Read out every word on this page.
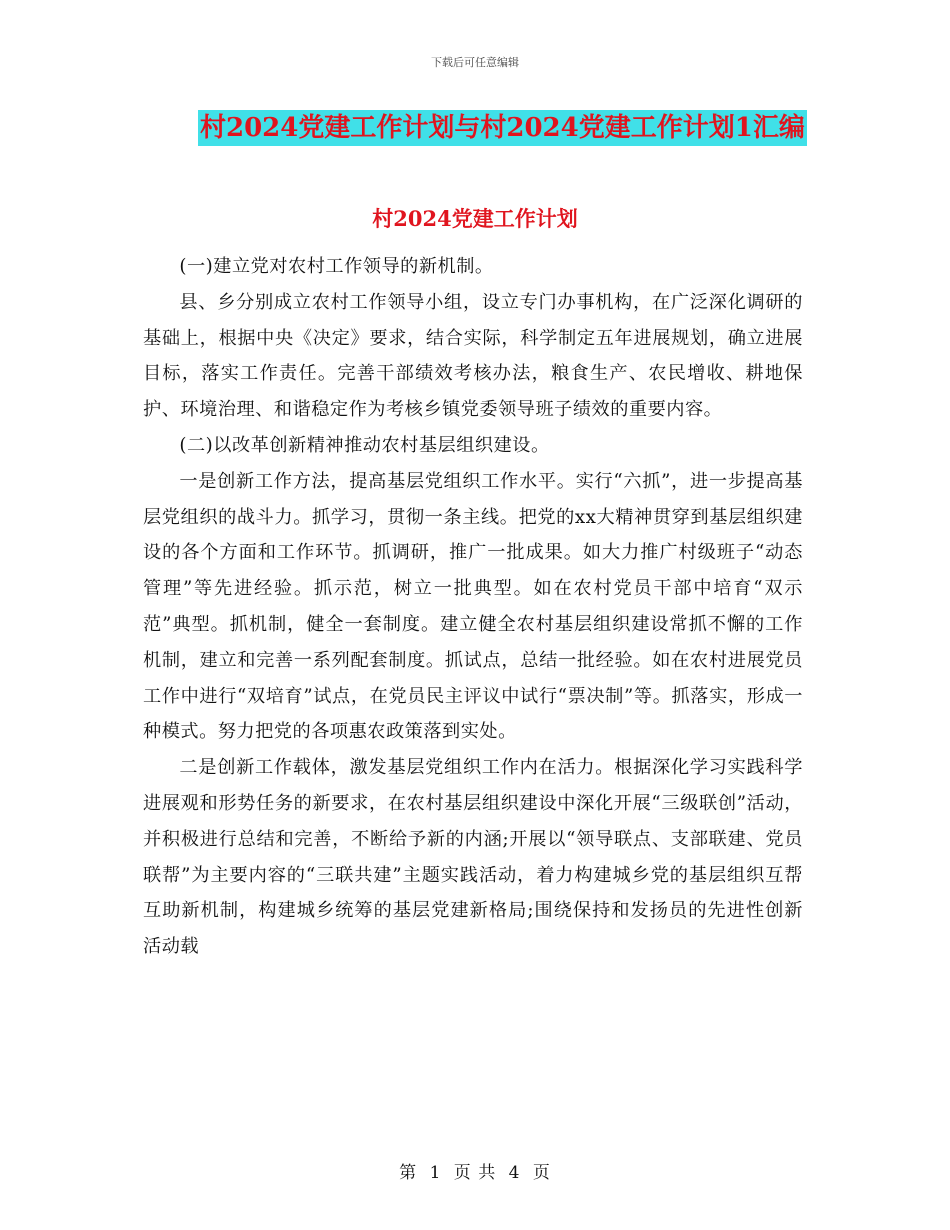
下载后可任意编辑
村2024党建工作计划与村2024党建工作计划1汇编
村2024党建工作计划

(一)建立党对农村工作领导的新机制。

县、乡分别成立农村工作领导小组，设立专门办事机构，在广泛深化调研的基础上，根据中央《决定》要求，结合实际，科学制定五年进展规划，确立进展目标，落实工作责任。完善干部绩效考核办法，粮食生产、农民增收、耕地保护、环境治理、和谐稳定作为考核乡镇党委领导班子绩效的重要内容。

(二)以改革创新精神推动农村基层组织建设。

一是创新工作方法，提高基层党组织工作水平。实行“六抓”，进一步提高基层党组织的战斗力。抓学习，贯彻一条主线。把党的xx大精神贯穿到基层组织建设的各个方面和工作环节。抓调研，推广一批成果。如大力推广村级班子“动态管理”等先进经验。抓示范，树立一批典型。如在农村党员干部中培育“双示范”典型。抓机制，健全一套制度。建立健全农村基层组织建设常抓不懈的工作机制，建立和完善一系列配套制度。抓试点，总结一批经验。如在农村进展党员工作中进行“双培育”试点，在党员民主评议中试行“票决制”等。抓落实，形成一种模式。努力把党的各项惠农政策落到实处。

二是创新工作载体，激发基层党组织工作内在活力。根据深化学习实践科学进展观和形势任务的新要求，在农村基层组织建设中深化开展“三级联创”活动，并积极进行总结和完善，不断给予新的内涵;开展以“领导联点、支部联建、党员联帮”为主要内容的“三联共建”主题实践活动，着力构建城乡党的基层组织互帮互助新机制，构建城乡统筹的基层党建新格局;围绕保持和发扬员的先进性创新活动载

第 1 页 共 4 页
